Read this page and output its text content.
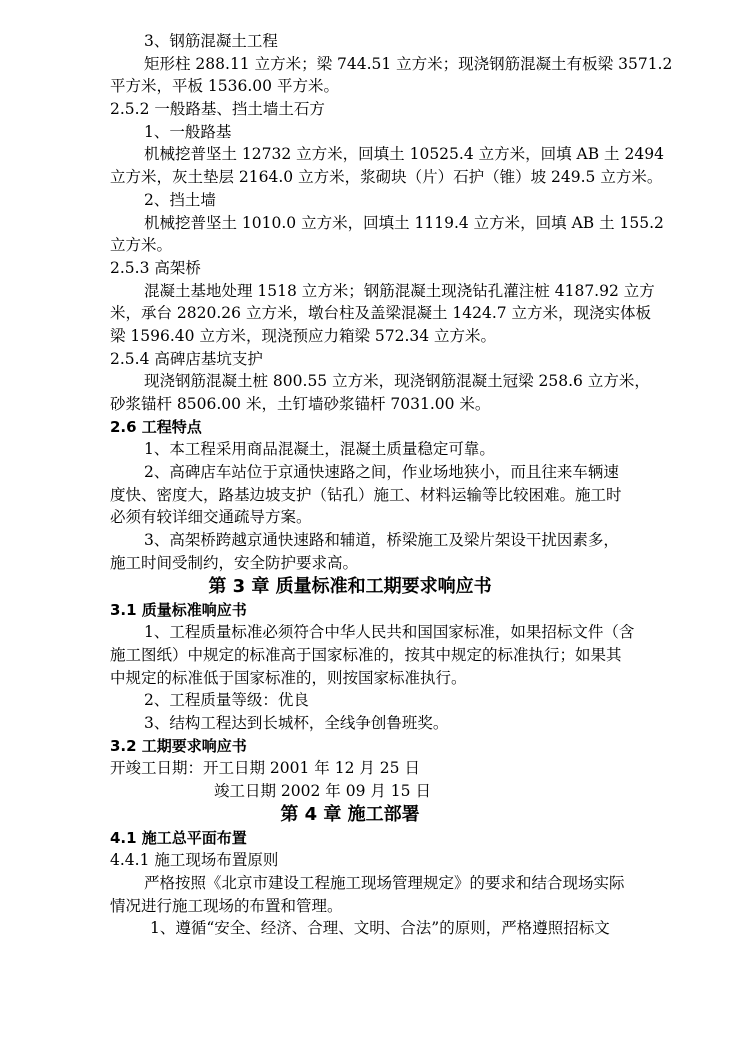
3、钢筋混凝土工程

矩形柱 288.11 立方米；梁 744.51 立方米；现浇钢筋混凝土有板梁 3571.2

平方米，平板 1536.00 平方米。

2.5.2 一般路基、挡土墙土石方

1、一般路基

机械挖普坚土 12732 立方米，回填土 10525.4 立方米，回填 AB 土 2494

立方米，灰土垫层 2164.0 立方米，浆砌块（片）石护（锥）坡 249.5 立方米。

2、挡土墙

机械挖普坚土 1010.0 立方米，回填土 1119.4 立方米，回填 AB 土 155.2

立方米。

2.5.3 高架桥

混凝土基地处理 1518 立方米；钢筋混凝土现浇钻孔灌注桩 4187.92 立方

米，承台 2820.26 立方米，墩台柱及盖梁混凝土 1424.7 立方米，现浇实体板

梁 1596.40 立方米，现浇预应力箱梁 572.34 立方米。

2.5.4 高碑店基坑支护

现浇钢筋混凝土桩 800.55 立方米，现浇钢筋混凝土冠梁 258.6 立方米，

砂浆锚杆 8506.00 米，土钉墙砂浆锚杆 7031.00 米。

2.6 工程特点

1、本工程采用商品混凝土，混凝土质量稳定可靠。

2、高碑店车站位于京通快速路之间，作业场地狭小，而且往来车辆速

度快、密度大，路基边坡支护（钻孔）施工、材料运输等比较困难。施工时

必须有较详细交通疏导方案。

3、高架桥跨越京通快速路和辅道，桥梁施工及梁片架设干扰因素多，

施工时间受制约，安全防护要求高。

第 3 章 质量标准和工期要求响应书

3.1 质量标准响应书

1、工程质量标准必须符合中华人民共和国国家标准，如果招标文件（含

施工图纸）中规定的标准高于国家标准的，按其中规定的标准执行；如果其

中规定的标准低于国家标准的，则按国家标准执行。

2、工程质量等级：优良

3、结构工程达到长城杯，全线争创鲁班奖。

3.2 工期要求响应书

开竣工日期：开工日期 2001 年 12 月 25 日

竣工日期 2002 年 09 月 15 日

第 4 章 施工部署

4.1 施工总平面布置

4.4.1 施工现场布置原则

严格按照《北京市建设工程施工现场管理规定》的要求和结合现场实际

情况进行施工现场的布置和管理。

1、遵循“安全、经济、合理、文明、合法”的原则，严格遵照招标文
